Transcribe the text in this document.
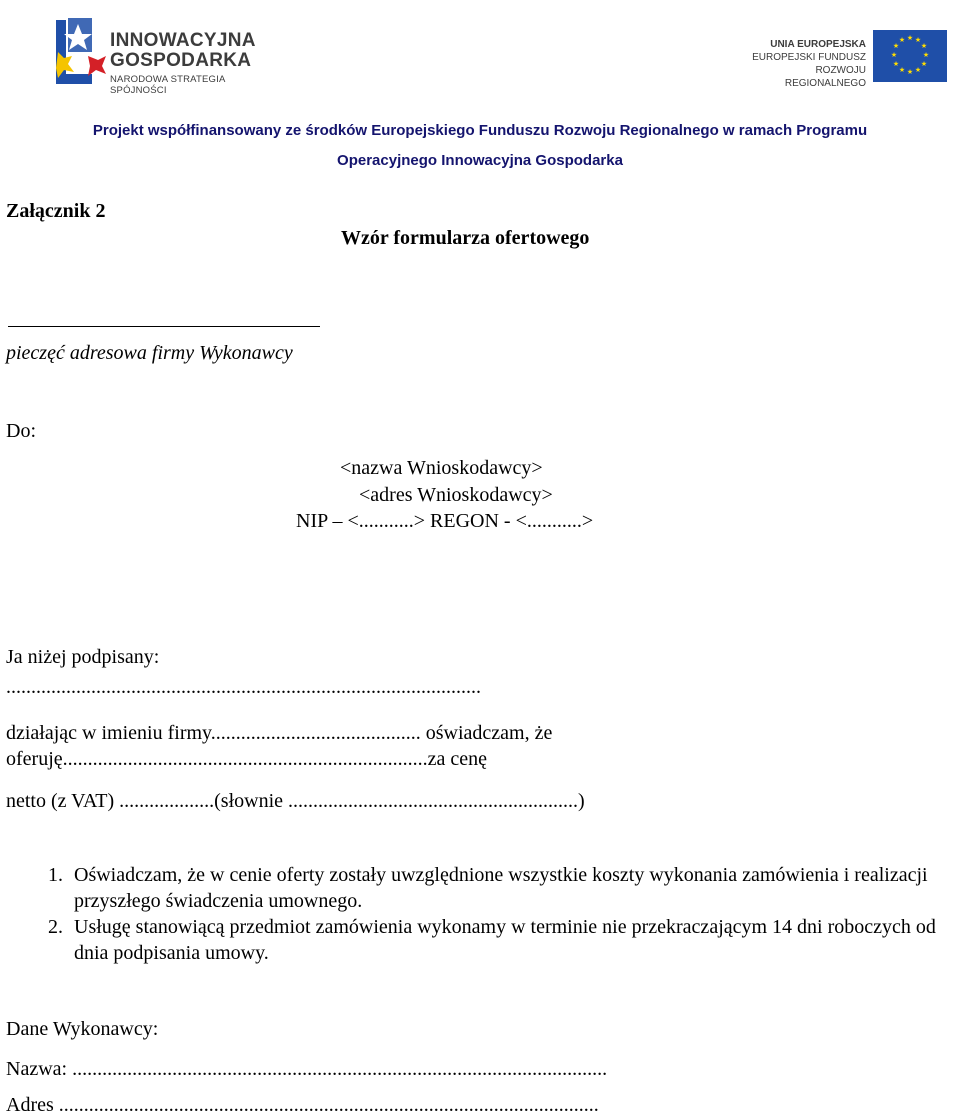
INNOWACYJNA
GOSPODARKA
NARODOWA STRATEGIA SPÓJNOŚCI
UNIA EUROPEJSKA
EUROPEJSKI FUNDUSZ
ROZWOJU REGIONALNEGO
★ ★
★
★
★
★
★
★
★
★
★
★
Projekt współfinansowany ze środków Europejskiego Funduszu Rozwoju Regionalnego w ramach Programu
Operacyjnego Innowacyjna Gospodarka
Załącznik 2
Wzór formularza ofertowego
pieczęć adresowa firmy Wykonawcy
Do:
<nazwa Wnioskodawcy>
<adres Wnioskodawcy>
NIP – <...........> REGON - <...........>
Ja niżej podpisany:
...............................................................................................
działając w imieniu firmy.......................................... oświadczam, że
oferuję.........................................................................za cenę
netto (z VAT) ...................(słownie ..........................................................)
1. Oświadczam, że w cenie oferty zostały uwzględnione wszystkie koszty wykonania zamówienia i realizacji przyszłego świadczenia umownego.
2. Usługę stanowiącą przedmiot zamówienia wykonamy w terminie nie przekraczającym 14 dni roboczych od dnia podpisania umowy.
Dane Wykonawcy:
Nazwa: ...........................................................................................................
Adres ............................................................................................................
